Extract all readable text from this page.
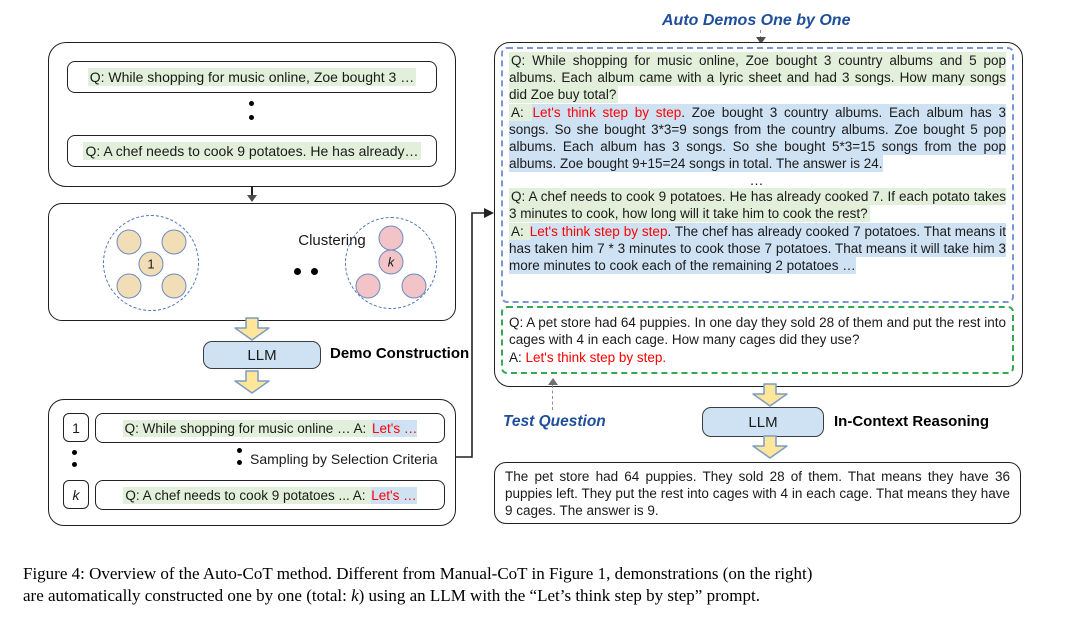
Q: While shopping for music online, Zoe bought 3 …
Q: A chef needs to cook 9 potatoes. He has already…
1
Clustering
k
LLM	Demo Construction
1	Q: While shopping for music online … A: Let's …
Sampling by Selection Criteria
k	Q: A chef needs to cook 9 potatoes ... A: Let's …
Auto Demos One by One

Q: While shopping for music online, Zoe bought 3 country albums and 5 pop albums. Each album came with a lyric sheet and had 3 songs. How many songs did Zoe buy total?

A: Let's think step by step. Zoe bought 3 country albums. Each album has 3 songs. So she bought 3*3=9 songs from the country albums. Zoe bought 5 pop albums. Each album has 3 songs. So she bought 5*3=15 songs from the pop albums. Zoe bought 9+15=24 songs in total. The answer is 24.

…

Q: A chef needs to cook 9 potatoes. He has already cooked 7. If each potato takes 3 minutes to cook, how long will it take him to cook the rest?

A: Let's think step by step. The chef has already cooked 7 potatoes. That means it has taken him 7 * 3 minutes to cook those 7 potatoes. That means it will take him 3 more minutes to cook each of the remaining 2 potatoes …

Q: A pet store had 64 puppies. In one day they sold 28 of them and put the rest into cages with 4 in each cage. How many cages did they use?

A: Let's think step by step.

Test Question	LLM	In-Context Reasoning

The pet store had 64 puppies. They sold 28 of them. That means they have 36 puppies left. They put the rest into cages with 4 in each cage. That means they have 9 cages. The answer is 9.

Figure 4: Overview of the Auto-CoT method. Different from Manual-CoT in Figure 1, demonstrations (on the right)
are automatically constructed one by one (total: k) using an LLM with the “Let’s think step by step” prompt.
